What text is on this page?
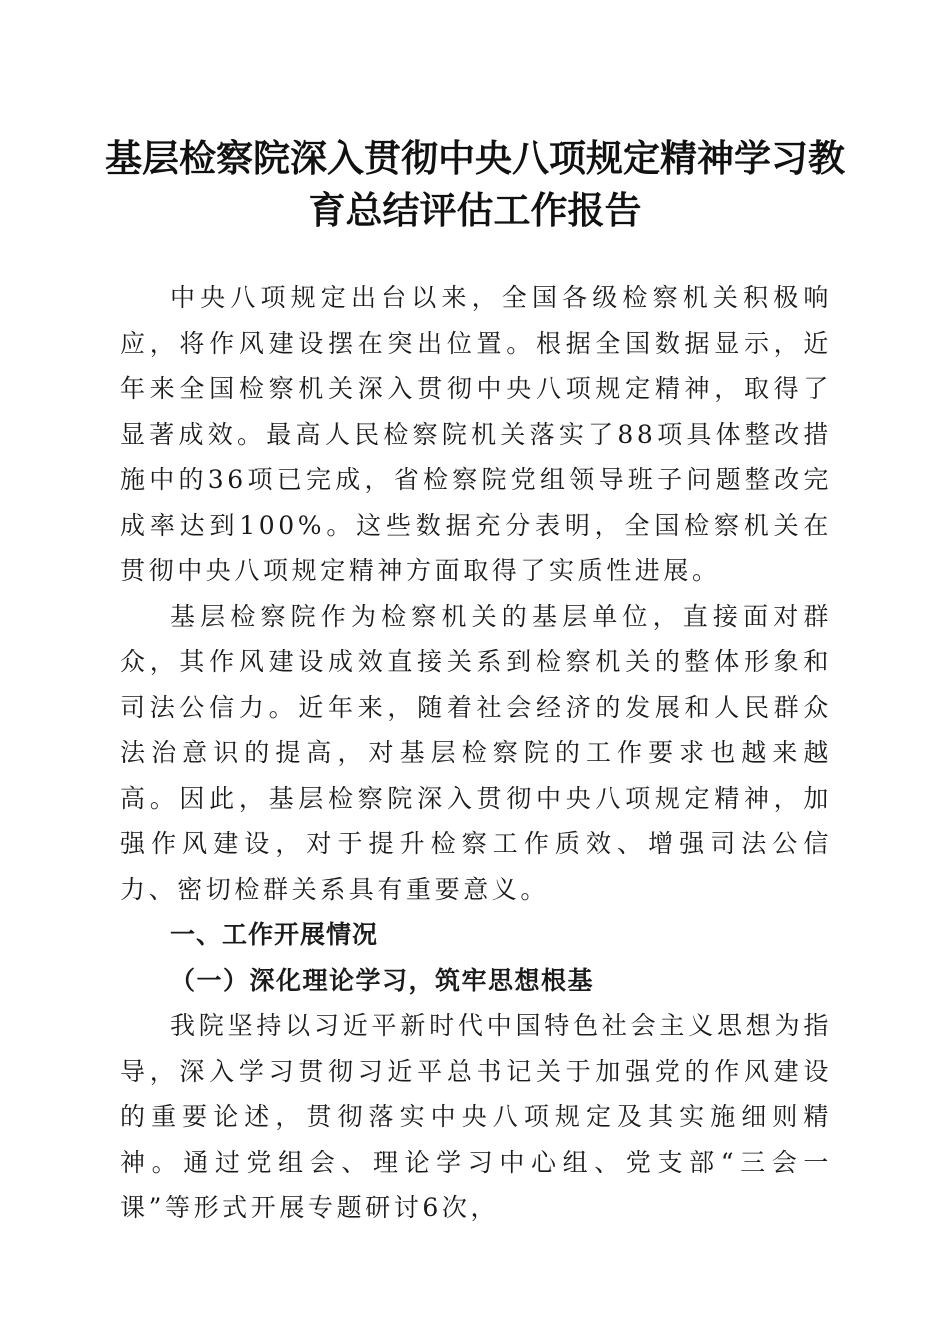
基层检察院深入贯彻中央八项规定精神学习教育总结评估工作报告

中央八项规定出台以来，全国各级检察机关积极响应，将作风建设摆在突出位置。根据全国数据显示，近年来全国检察机关深入贯彻中央八项规定精神，取得了显著成效。最高人民检察院机关落实了88项具体整改措施中的36项已完成，省检察院党组领导班子问题整改完成率达到100%。这些数据充分表明，全国检察机关在贯彻中央八项规定精神方面取得了实质性进展。

基层检察院作为检察机关的基层单位，直接面对群众，其作风建设成效直接关系到检察机关的整体形象和司法公信力。近年来，随着社会经济的发展和人民群众法治意识的提高，对基层检察院的工作要求也越来越高。因此，基层检察院深入贯彻中央八项规定精神，加强作风建设，对于提升检察工作质效、增强司法公信力、密切检群关系具有重要意义。

一、工作开展情况

（一）深化理论学习，筑牢思想根基

我院坚持以习近平新时代中国特色社会主义思想为指导，深入学习贯彻习近平总书记关于加强党的作风建设的重要论述，贯彻落实中央八项规定及其实施细则精神。通过党组会、理论学习中心组、党支部“三会一课”等形式开展专题研讨6次，
